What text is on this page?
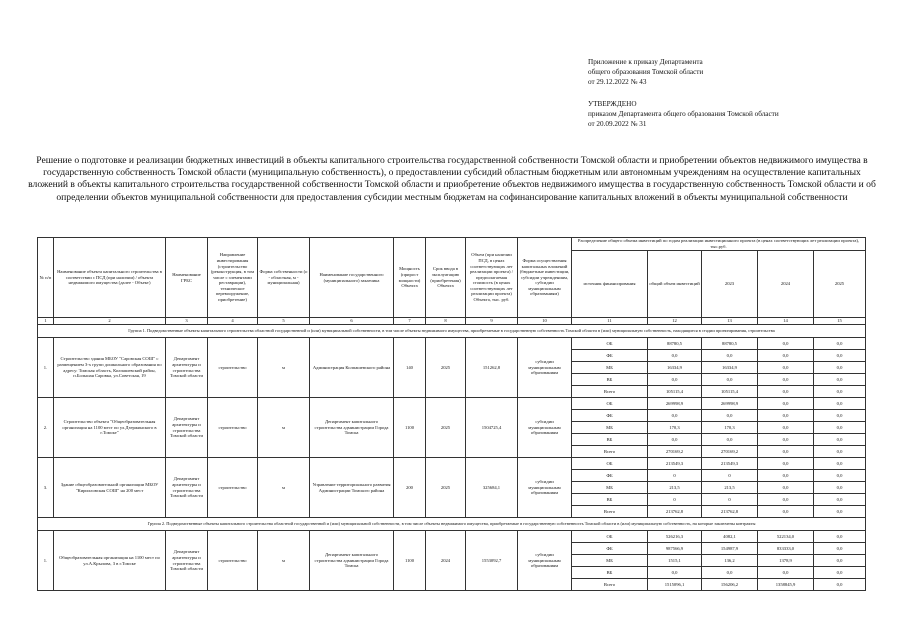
Приложение к приказу Департамента
общего образования Томской области
от 29.12.2022 № 43
УТВЕРЖДЕНО
приказом Департамента общего образования Томской области
от 20.09.2022 № 31
Решение о подготовке и реализации бюджетных инвестиций в объекты капитального строительства государственной собственности Томской области и приобретении объектов недвижимого имущества в государственную собственность Томской области (муниципальную собственность), о предоставлении субсидий областным бюджетным или автономным учреждениям на осуществление капитальных вложений в объекты капитального строительства государственной собственности Томской области и приобретение объектов недвижимого имущества в государственную собственность Томской области и об определении объектов муниципальной собственности для предоставления субсидии местным бюджетам на софинансирование капитальных вложений в объекты муниципальной собственности
№ п/п	Наименование объекта капитального строительства в соответствии с ПСД (при наличии) / объекта недвижимого имущества (далее - Объект)	Наименование ГРБС	Направление инвестирования (строительство (реконструкция, в том числе с элементами реставрации), техническое перевооружение, приобретение)	Форма собственности (о - областная, м - муниципальная)	Наименование государственного (муниципального) заказчика	Мощность (прирост мощности) Объекта	Срок ввода в эксплуатацию (приобретения) Объекта	Объем (при наличии ПСД, в ценах соответствующих лет реализации проекта) / предполагаемая стоимость (в ценах соответствующих лет реализации проекта) Объекта, тыс. руб.	Форма осуществления капитальных вложений (бюджетные инвестиции, субсидии учреждениям, субсидии муниципальным образованиям)	Распределение общего объема инвестиций по годам реализации инвестиционного проекта (в ценах соответствующих лет реализации проекта), тыс.руб.				
										источник финансирования	общий объем инвестиций	2023	2024	2025
1	2	3	4	5	6	7	8	9	10	11	12	13	14	15
Группа 1. Подведомственные объекты капитального строительства областной государственной и (или) муниципальной собственности, в том числе объекты недвижимого имущества, приобретаемые в государственную собственность Томской области в (или) муниципальную собственность, находящиеся в стадии проектирования, строительства														
1.	Строительство здания МБОУ "Саровская СОШ" с размещением 3-х групп дошкольного образования по адресу: Томская область, Колпашевский район, п.Большая Саровка, ул.Советская, 19	Департамент архитектуры и строительства Томской области	строительство	м	Администрация Колпашевского района	140	2025	151262,8	субсидии муниципальным образованиям	ОБ	88780,5	88780,5	0,0	0,0
										ФБ	0,0	0,0	0,0	0,0
										МБ	16334,9	16334,9	0,0	0,0
										ВБ	0,0	0,0	0,0	0,0
										Всего	105115,4	105115,4	0,0	0,0
2.	Строительство объекта "Общеобразовательная организация на 1100 мест по ул.Дзержинского в г.Томске"	Департамент архитектуры и строительства Томской области	строительство	м	Департамент капитального строительства администрации Города Томска	1100	2025	1504725,4	субсидии муниципальным образованиям	ОБ	269998,9	269998,9	0,0	0,0
										ФБ	0,0	0,0	0,0	0,0
										МБ	170,3	170,3	0,0	0,0
										ВБ	0,0	0,0	0,0	0,0
										Всего	270169,2	270169,2	0,0	0,0
3.	Здание общеобразовательной организации МБОУ "Кирилловская СОШ" на 200 мест	Департамент архитектуры и строительства Томской области	строительство	м	Управление территориального развития Администрации Томского района	200	2025	325684,1	субсидии муниципальным образованиям	ОБ	213549,3	213549,3	0,0	0,0
										ФБ	0	0	0,0	0,0
										МБ	213,5	213,5	0,0	0,0
										ВБ	0	0	0,0	0,0
										Всего	213762,8	213762,8	0,0	0,0
Группа 2. Подведомственные объекты капитального строительства областной государственной и (или) муниципальной собственности, в том числе объекты недвижимого имущества, приобретаемые в государственную собственность Томской области в (или) муниципальную собственность, на которые заключены контракты														
1.	Общеобразовательная организация на 1100 мест по ул.А.Крылова, 3 в г.Томске	Департамент архитектуры и строительства Томской области	строительство	м	Департамент капитального строительства администрации Города Томска	1100	2024	1553092,7	субсидии муниципальным образованиям	ОБ	526216,3	4082,1	522134,0	0,0
										ФБ	987566,9	154987,9	833333,0	0,0
										МБ	1515,1	136,2	1378,9	0,0
										ВБ	0,0	0,0	0,0	0,0
										Всего	1515096,1	156206,2	1358845,9	0,0
